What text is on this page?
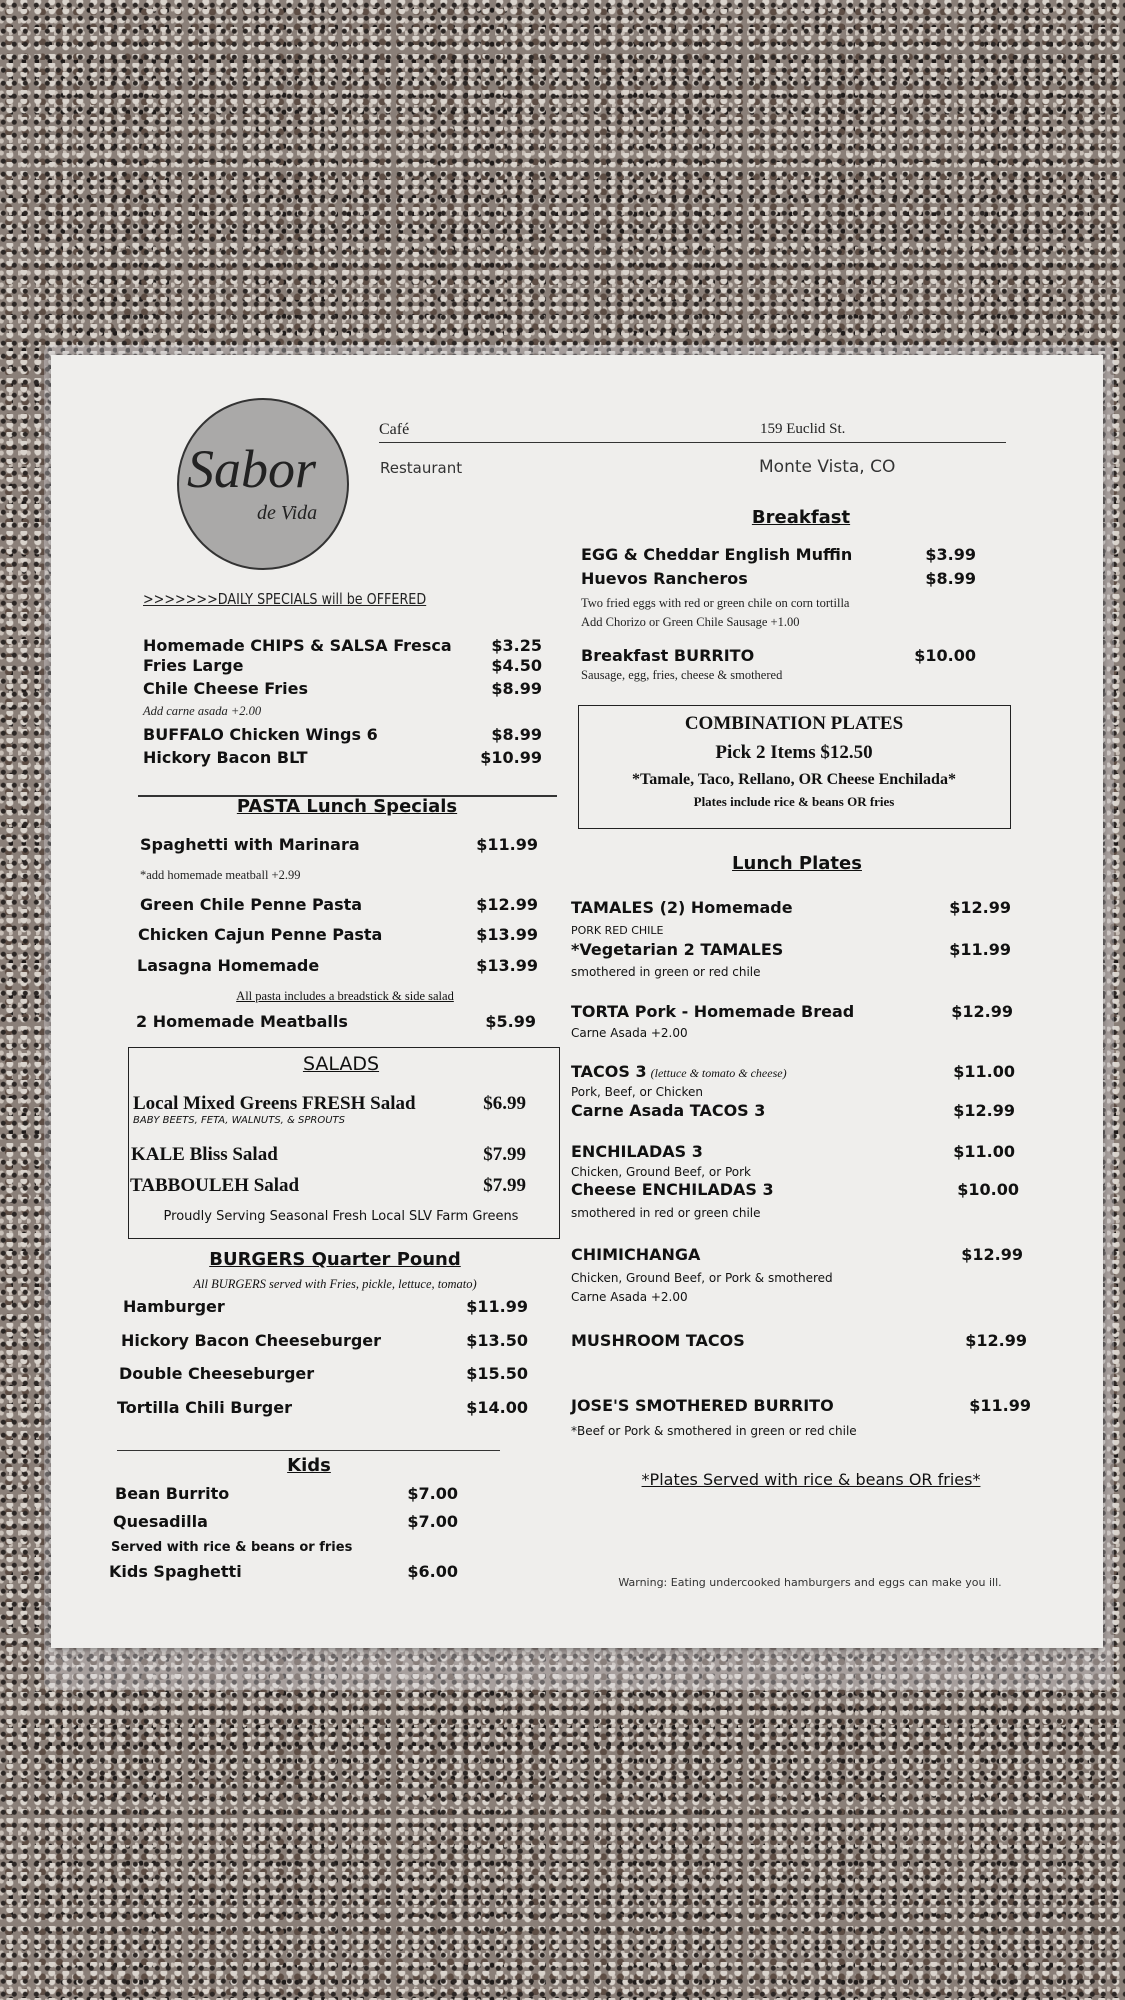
Sabor
de Vida
Café	159 Euclid St.
Restaurant	Monte Vista, CO
>>>>>>>DAILY SPECIALS will be OFFERED
Homemade CHIPS & SALSA Fresca $3.25
Fries Large	$4.50
Chile Cheese Fries	$8.99
Add carne asada +2.00
BUFFALO Chicken Wings 6	$8.99
Hickory Bacon BLT	$10.99
PASTA Lunch Specials
Spaghetti with Marinara	$11.99
*add homemade meatball +2.99
Green Chile Penne Pasta	$12.99
Chicken Cajun Penne Pasta	$13.99
Lasagna Homemade	$13.99
All pasta includes a breadstick & side salad
2 Homemade Meatballs	$5.99
SALADS
Local Mixed Greens FRESH Salad	$6.99
BABY BEETS, FETA, WALNUTS, & SPROUTS
KALE Bliss Salad	$7.99
TABBOULEH Salad	$7.99
Proudly Serving Seasonal Fresh Local SLV Farm Greens
BURGERS Quarter Pound
All BURGERS served with Fries, pickle, lettuce, tomato)
Hamburger	$11.99
Hickory Bacon Cheeseburger	$13.50
Double Cheeseburger	$15.50
Tortilla Chili Burger	$14.00
Kids
Bean Burrito	$7.00
Quesadilla	$7.00
Served with rice & beans or fries
Kids Spaghetti	$6.00
Breakfast
EGG & Cheddar English Muffin	$3.99
Huevos Rancheros	$8.99
Two fried eggs with red or green chile on corn tortilla
Add Chorizo or Green Chile Sausage +1.00
Breakfast BURRITO	$10.00
Sausage, egg, fries, cheese & smothered
COMBINATION PLATES
Pick 2 Items $12.50
*Tamale, Taco, Rellano, OR Cheese Enchilada*
Plates include rice & beans OR fries
Lunch Plates
TAMALES (2) Homemade	$12.99
PORK RED CHILE
*Vegetarian 2 TAMALES	$11.99
smothered in green or red chile
TORTA Pork - Homemade Bread	$12.99
Carne Asada +2.00
TACOS 3 (lettuce & tomato & cheese)	$11.00
Pork, Beef, or Chicken
Carne Asada TACOS 3	$12.99
ENCHILADAS 3	$11.00
Chicken, Ground Beef, or Pork
Cheese ENCHILADAS 3	$10.00
smothered in red or green chile
CHIMICHANGA	$12.99
Chicken, Ground Beef, or Pork & smothered
Carne Asada +2.00
MUSHROOM TACOS	$12.99
JOSE'S SMOTHERED BURRITO	$11.99
*Beef or Pork & smothered in green or red chile
*Plates Served with rice & beans OR fries*
Warning: Eating undercooked hamburgers and eggs can make you ill.
